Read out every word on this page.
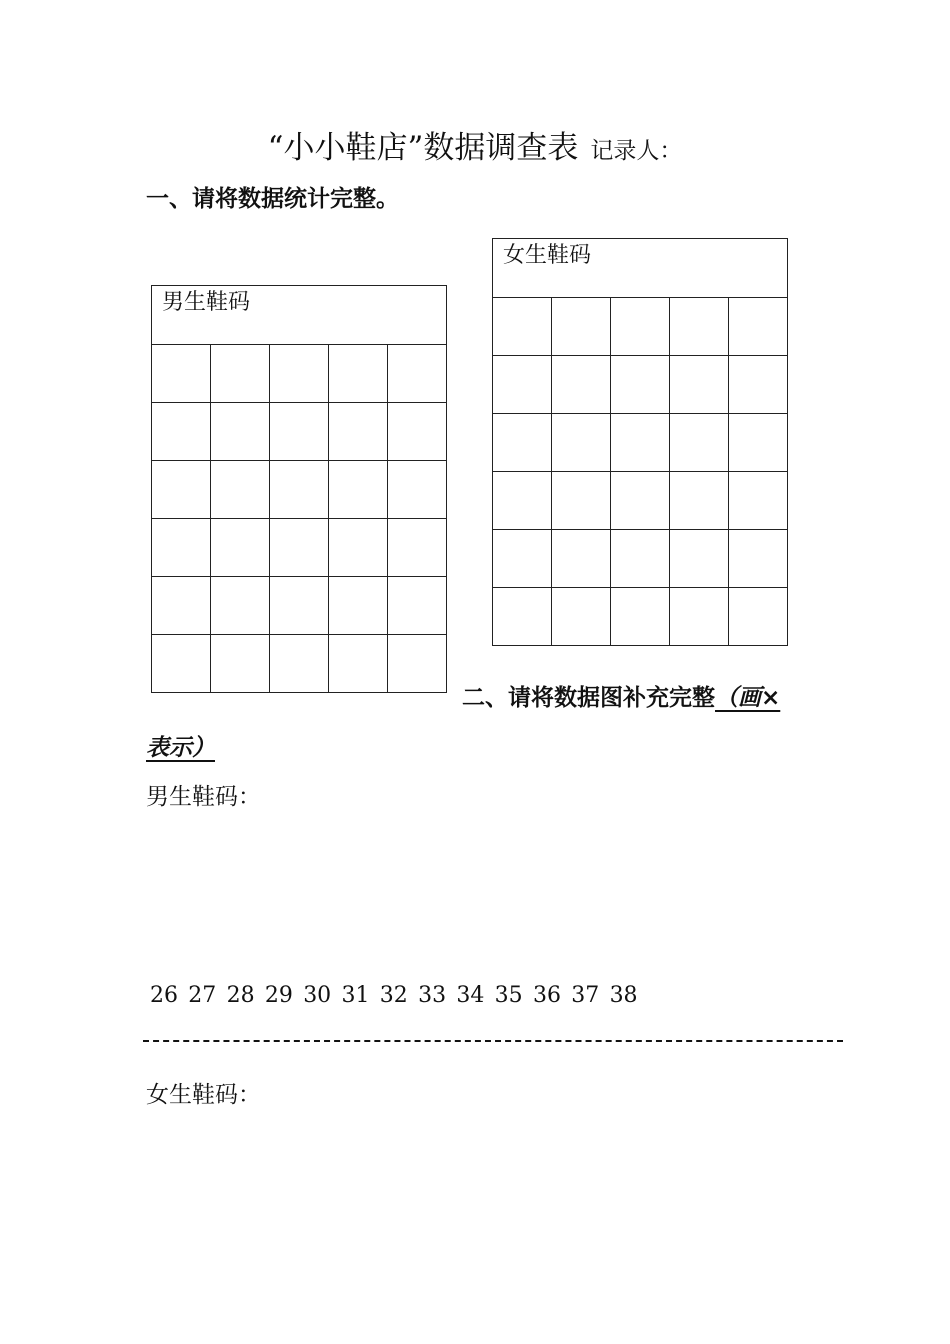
“小小鞋店”数据调查表 记录人：
一、请将数据统计完整。
男生鞋码				

女生鞋码				

二、请将数据图补充完整（画×
表示）
男生鞋码：
26 27 28 29 30 31 32 33 34 35 36 37 38
女生鞋码：
